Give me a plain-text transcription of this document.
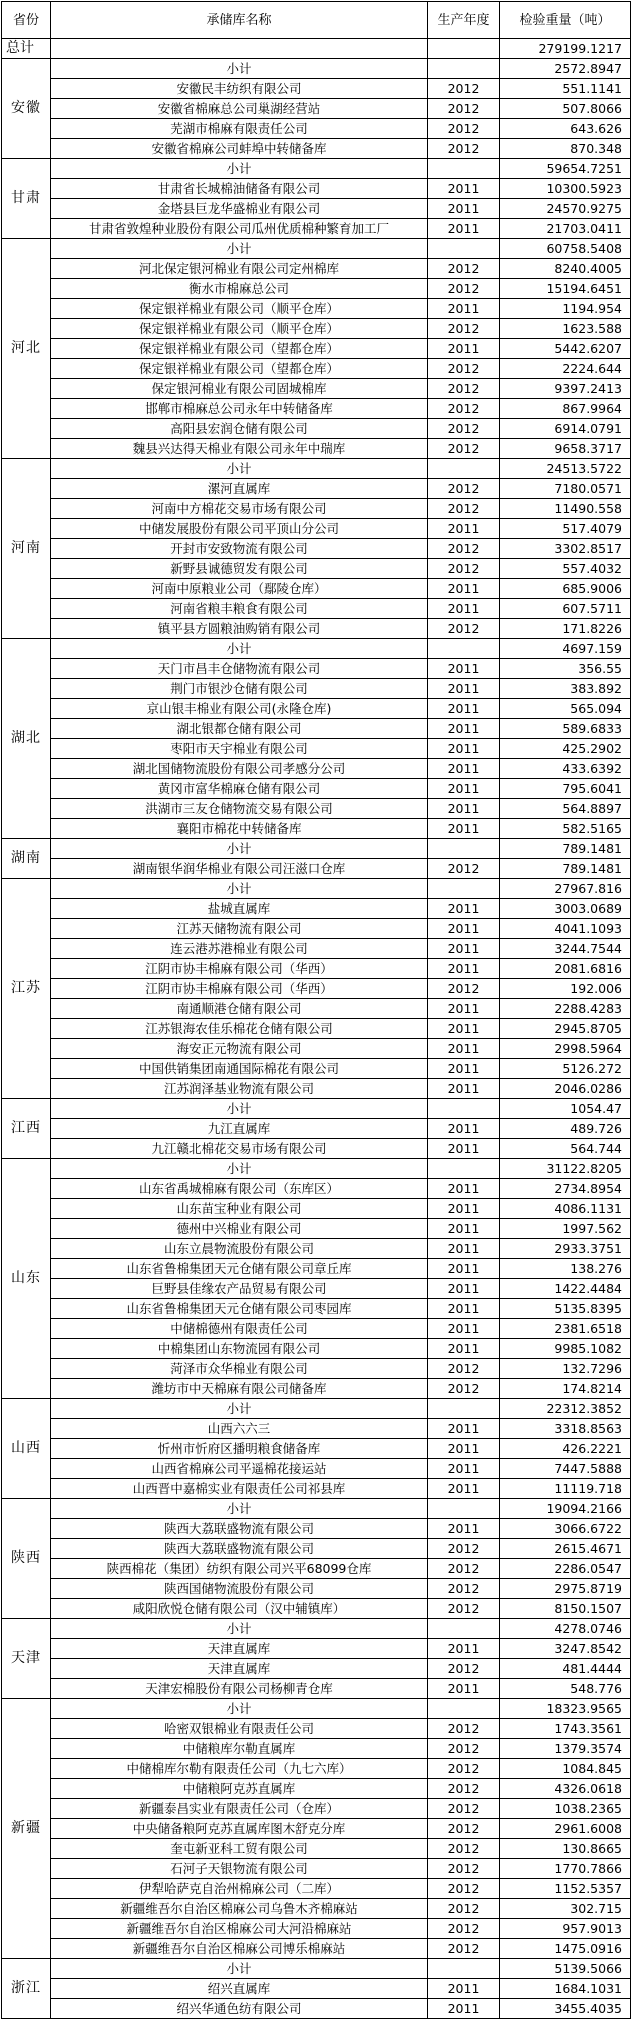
省份	承储库名称	生产年度	检验重量（吨）
总计			279199.1217
安徽	小计		2572.8947
	安徽民丰纺织有限公司	2012	551.1141
	安徽省棉麻总公司巢湖经营站	2012	507.8066
	芜湖市棉麻有限责任公司	2012	643.626
	安徽省棉麻公司蚌埠中转储备库	2012	870.348
甘肃	小计		59654.7251
	甘肃省长城棉油储备有限公司	2011	10300.5923
	金塔县巨龙华盛棉业有限公司	2011	24570.9275
	甘肃省敦煌种业股份有限公司瓜州优质棉种繁育加工厂	2011	21703.0411
河北	小计		60758.5408
	河北保定银河棉业有限公司定州棉库	2012	8240.4005
	衡水市棉麻总公司	2012	15194.6451
	保定银祥棉业有限公司（顺平仓库）	2011	1194.954
	保定银祥棉业有限公司（顺平仓库）	2012	1623.588
	保定银祥棉业有限公司（望都仓库）	2011	5442.6207
	保定银祥棉业有限公司（望都仓库）	2012	2224.644
	保定银河棉业有限公司固城棉库	2012	9397.2413
	邯郸市棉麻总公司永年中转储备库	2012	867.9964
	高阳县宏润仓储有限公司	2012	6914.0791
	魏县兴达得天棉业有限公司永年中瑞库	2012	9658.3717
河南	小计		24513.5722
	漯河直属库	2012	7180.0571
	河南中方棉花交易市场有限公司	2012	11490.558
	中储发展股份有限公司平顶山分公司	2011	517.4079
	开封市安致物流有限公司	2012	3302.8517
	新野县诚德贸发有限公司	2012	557.4032
	河南中原粮业公司（鄢陵仓库）	2011	685.9006
	河南省粮丰粮食有限公司	2011	607.5711
	镇平县方圆粮油购销有限公司	2012	171.8226
湖北	小计		4697.159
	天门市昌丰仓储物流有限公司	2011	356.55
	荆门市银沙仓储有限公司	2011	383.892
	京山银丰棉业有限公司(永隆仓库)	2011	565.094
	湖北银都仓储有限公司	2011	589.6833
	枣阳市天宇棉业有限公司	2011	425.2902
	湖北国储物流股份有限公司孝感分公司	2011	433.6392
	黄冈市富华棉麻仓储有限公司	2011	795.6041
	洪湖市三友仓储物流交易有限公司	2011	564.8897
	襄阳市棉花中转储备库	2011	582.5165
湖南	小计		789.1481
	湖南银华润华棉业有限公司汪滋口仓库	2012	789.1481
江苏	小计		27967.816
	盐城直属库	2011	3003.0689
	江苏天储物流有限公司	2011	4041.1093
	连云港苏港棉业有限公司	2011	3244.7544
	江阴市协丰棉麻有限公司（华西）	2011	2081.6816
	江阴市协丰棉麻有限公司（华西）	2012	192.006
	南通顺港仓储有限公司	2011	2288.4283
	江苏银海农佳乐棉花仓储有限公司	2011	2945.8705
	海安正元物流有限公司	2011	2998.5964
	中国供销集团南通国际棉花有限公司	2011	5126.272
	江苏润泽基业物流有限公司	2011	2046.0286
江西	小计		1054.47
	九江直属库	2011	489.726
	九江赣北棉花交易市场有限公司	2011	564.744
山东	小计		31122.8205
	山东省禹城棉麻有限公司（东库区）	2011	2734.8954
	山东苗宝种业有限公司	2011	4086.1131
	德州中兴棉业有限公司	2011	1997.562
	山东立晨物流股份有限公司	2011	2933.3751
	山东省鲁棉集团天元仓储有限公司章丘库	2011	138.276
	巨野县佳缘农产品贸易有限公司	2011	1422.4484
	山东省鲁棉集团天元仓储有限公司枣园库	2011	5135.8395
	中储棉德州有限责任公司	2011	2381.6518
	中棉集团山东物流园有限公司	2011	9985.1082
	菏泽市众华棉业有限公司	2012	132.7296
	潍坊市中天棉麻有限公司储备库	2012	174.8214
山西	小计		22312.3852
	山西六六三	2011	3318.8563
	忻州市忻府区播明粮食储备库	2011	426.2221
	山西省棉麻公司平遥棉花接运站	2011	7447.5888
	山西晋中嘉棉实业有限责任公司祁县库	2011	11119.718
陕西	小计		19094.2166
	陕西大荔联盛物流有限公司	2011	3066.6722
	陕西大荔联盛物流有限公司	2012	2615.4671
	陕西棉花（集团）纺织有限公司兴平68099仓库	2012	2286.0547
	陕西国储物流股份有限公司	2012	2975.8719
	咸阳欣悦仓储有限公司（汉中辅镇库）	2012	8150.1507
天津	小计		4278.0746
	天津直属库	2011	3247.8542
	天津直属库	2012	481.4444
	天津宏棉股份有限公司杨柳青仓库	2011	548.776
新疆	小计		18323.9565
	哈密双银棉业有限责任公司	2012	1743.3561
	中储粮库尔勒直属库	2012	1379.3574
	中储棉库尔勒有限责任公司（九七六库）	2012	1084.845
	中储粮阿克苏直属库	2012	4326.0618
	新疆泰昌实业有限责任公司（仓库）	2012	1038.2365
	中央储备粮阿克苏直属库图木舒克分库	2012	2961.6008
	奎屯新亚科工贸有限公司	2012	130.8665
	石河子天银物流有限公司	2012	1770.7866
	伊犁哈萨克自治州棉麻公司（二库）	2012	1152.5357
	新疆维吾尔自治区棉麻公司乌鲁木齐棉麻站	2012	302.715
	新疆维吾尔自治区棉麻公司大河沿棉麻站	2012	957.9013
	新疆维吾尔自治区棉麻公司博乐棉麻站	2012	1475.0916
浙江	小计		5139.5066
	绍兴直属库	2011	1684.1031
	绍兴华通色纺有限公司	2011	3455.4035
